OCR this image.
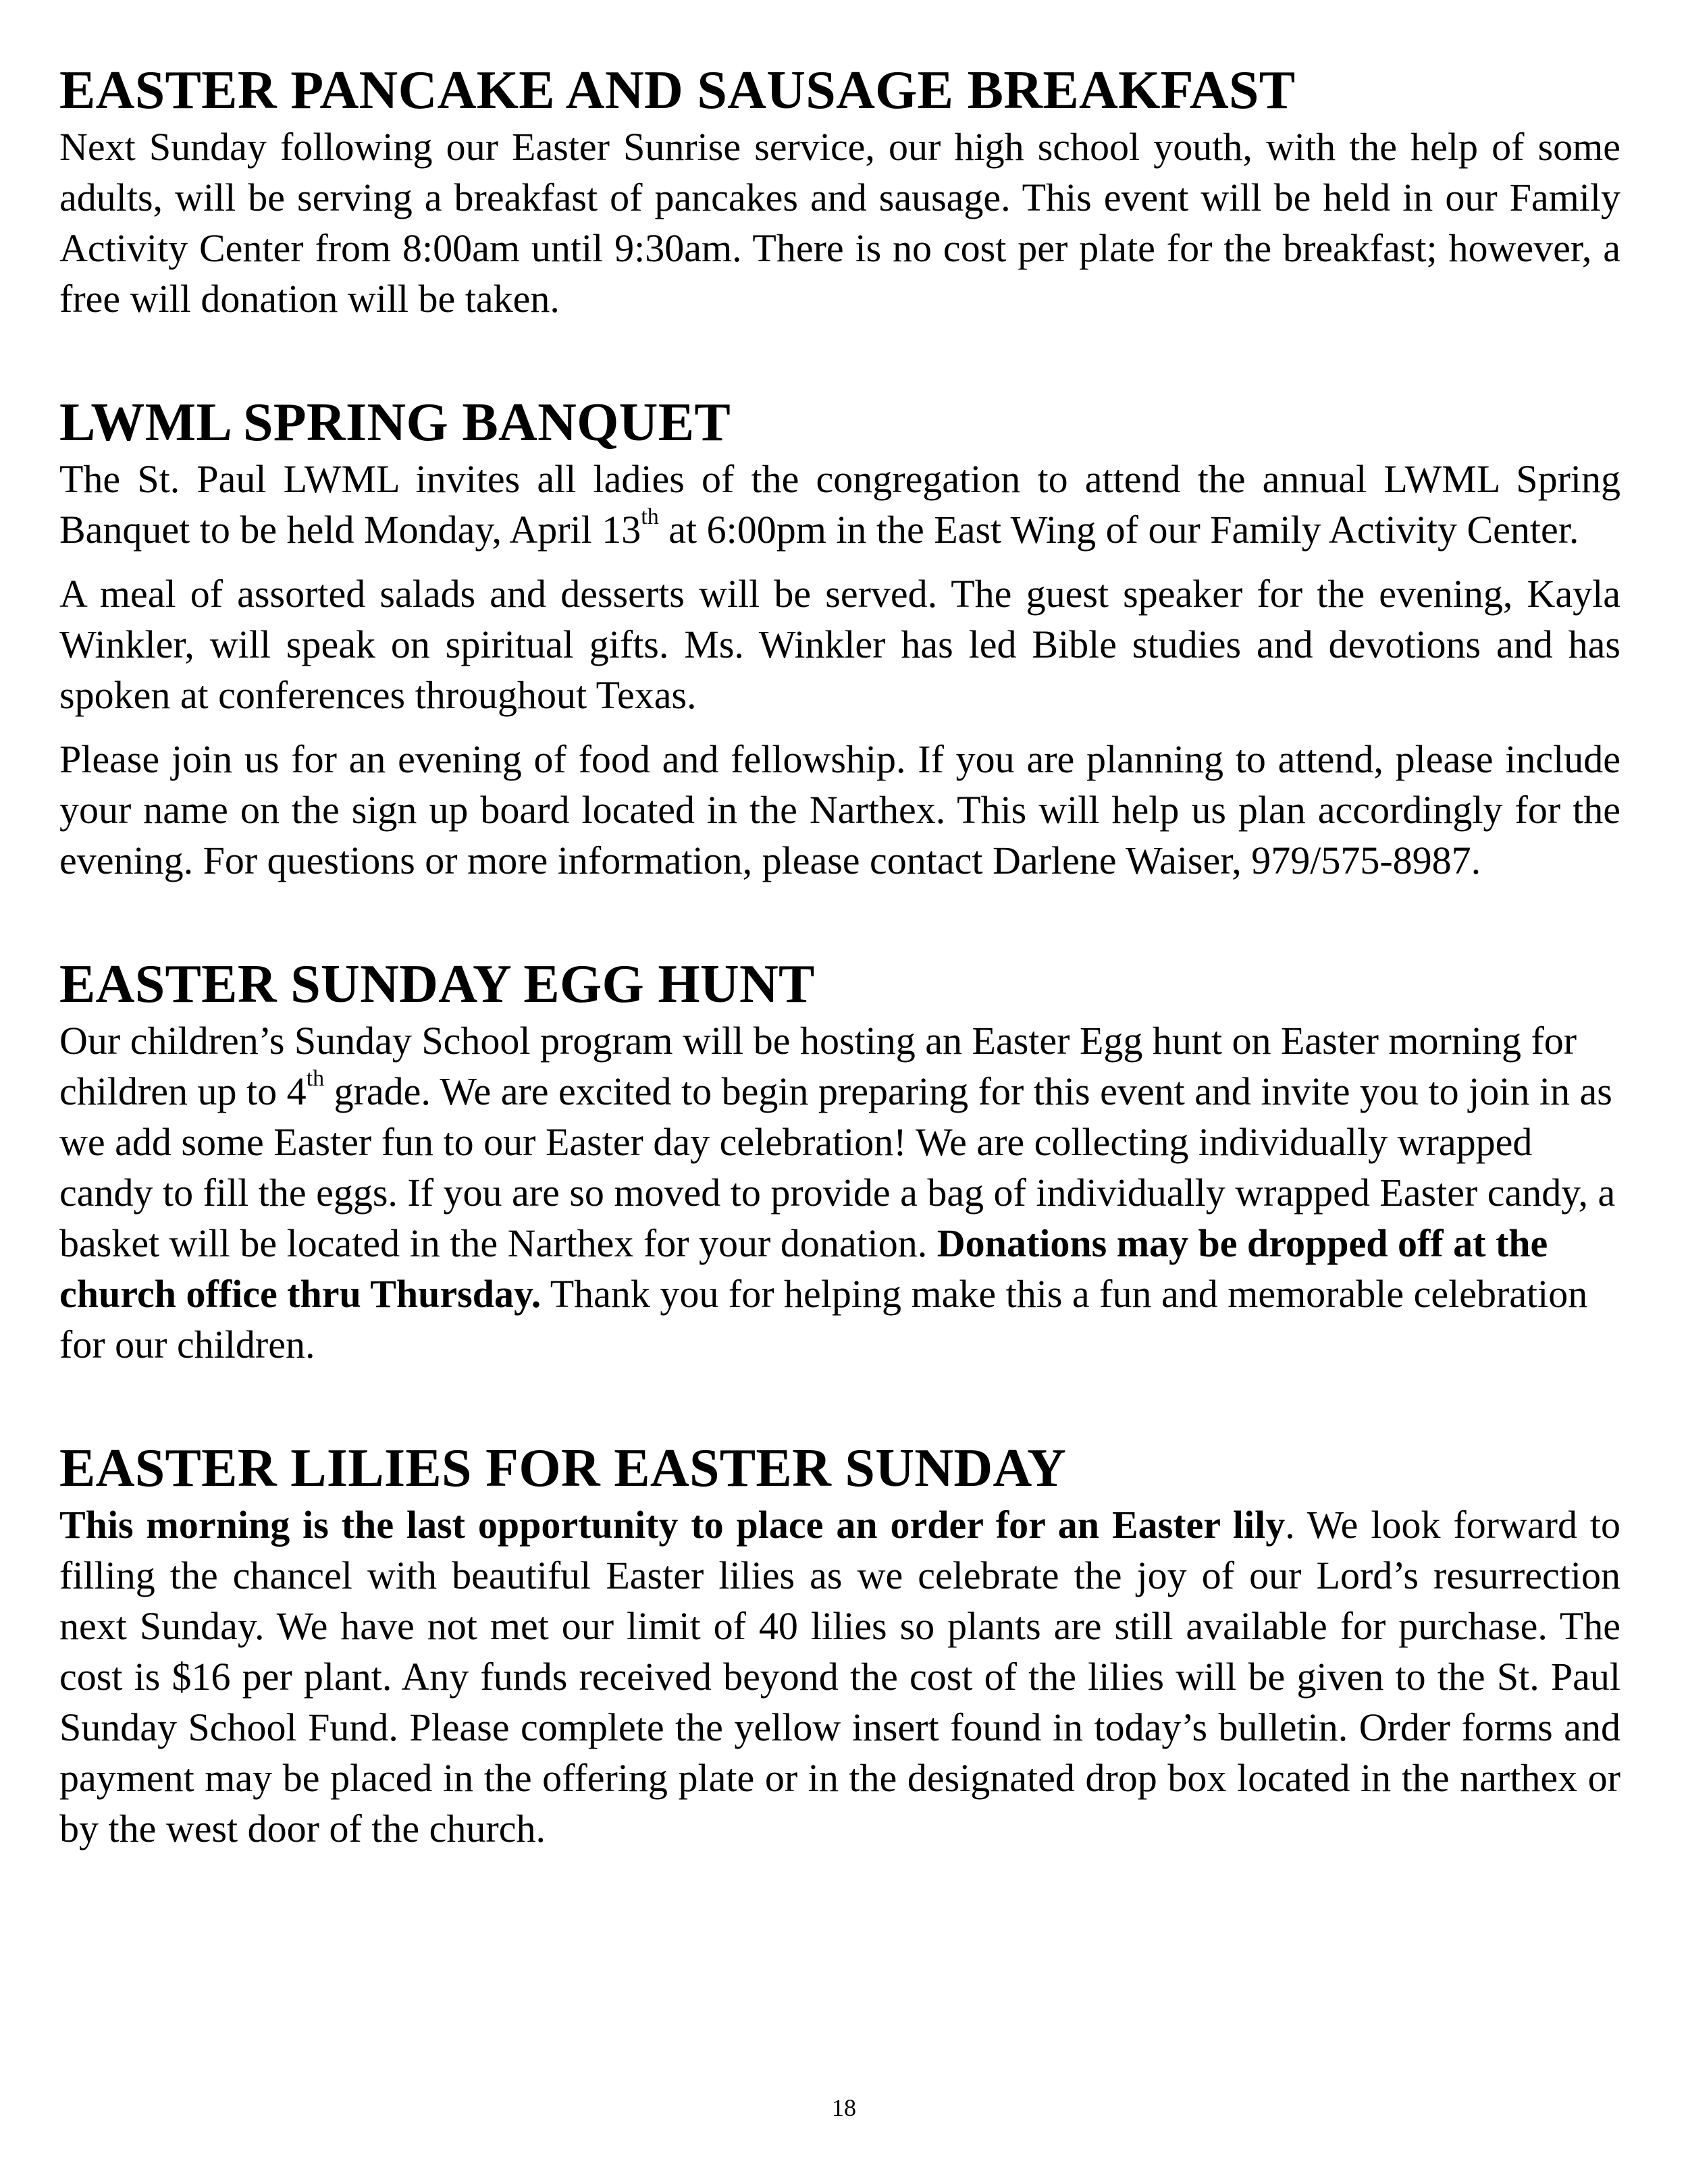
EASTER PANCAKE AND SAUSAGE BREAKFAST

Next Sunday following our Easter Sunrise service, our high school youth, with the help of some adults, will be serving a breakfast of pancakes and sausage. This event will be held in our Family Activity Center from 8:00am until 9:30am. There is no cost per plate for the breakfast; however, a free will donation will be taken.

LWML SPRING BANQUET

The St. Paul LWML invites all ladies of the congregation to attend the annual LWML Spring Banquet to be held Monday, April 13th at 6:00pm in the East Wing of our Family Activity Center.

A meal of assorted salads and desserts will be served. The guest speaker for the evening, Kayla Winkler, will speak on spiritual gifts. Ms. Winkler has led Bible studies and devotions and has spoken at conferences throughout Texas.

Please join us for an evening of food and fellowship. If you are planning to attend, please include your name on the sign up board located in the Narthex. This will help us plan accordingly for the evening. For questions or more information, please contact Darlene Waiser, 979/575-8987.

EASTER SUNDAY EGG HUNT

Our children’s Sunday School program will be hosting an Easter Egg hunt on Easter morning for children up to 4th grade. We are excited to begin preparing for this event and invite you to join in as we add some Easter fun to our Easter day celebration! We are collecting individually wrapped candy to fill the eggs. If you are so moved to provide a bag of individually wrapped Easter candy, a basket will be located in the Narthex for your donation. Donations may be dropped off at the church office thru Thursday. Thank you for helping make this a fun and memorable celebration for our children.

EASTER LILIES FOR EASTER SUNDAY

This morning is the last opportunity to place an order for an Easter lily. We look forward to filling the chancel with beautiful Easter lilies as we celebrate the joy of our Lord’s resurrection next Sunday. We have not met our limit of 40 lilies so plants are still available for purchase. The cost is $16 per plant. Any funds received beyond the cost of the lilies will be given to the St. Paul Sunday School Fund. Please complete the yellow insert found in today’s bulletin. Order forms and payment may be placed in the offering plate or in the designated drop box located in the narthex or by the west door of the church.

18
